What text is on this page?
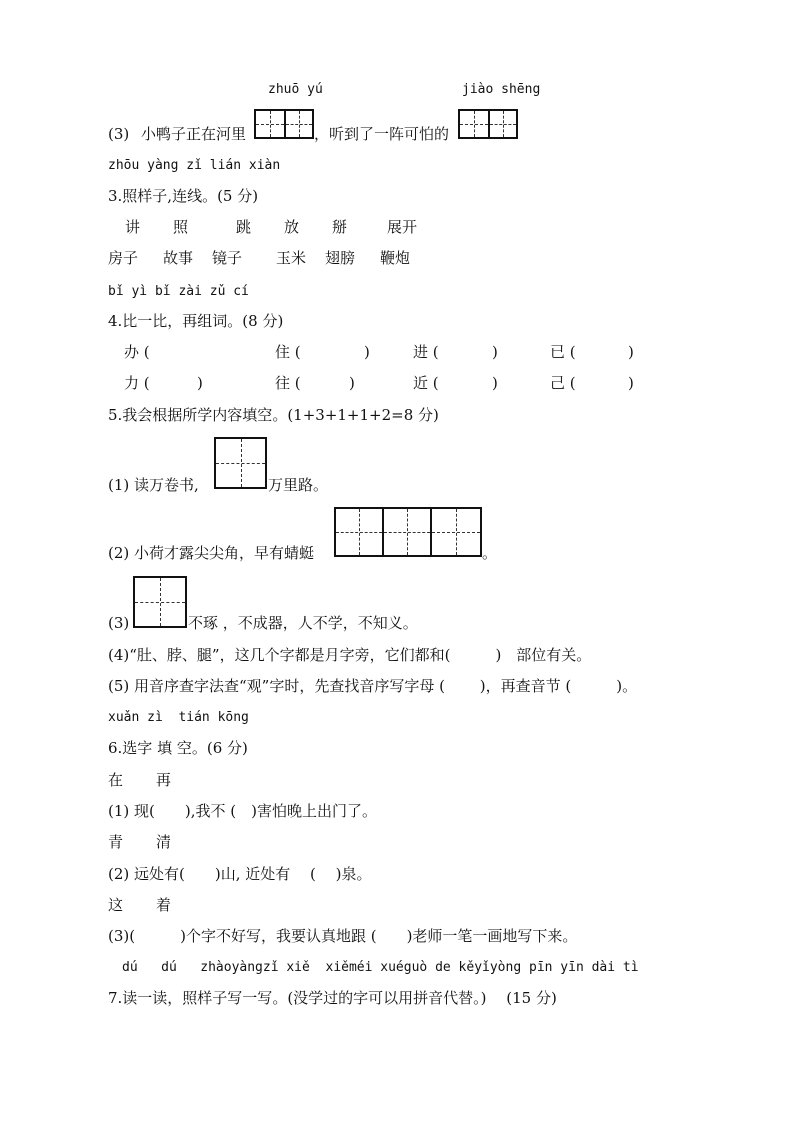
zhuō yú	jiào shēng
(3) 小鸭子正在河里	，听到了一阵可怕的
zhōu yàng zǐ lián xiàn
3.照样子,连线。(5 分)
讲 照	跳 放 掰	展开
房子 故事 镜子 玉米 翅膀 鞭炮
bǐ yì bǐ zài zǔ cí
4.比一比，再组词。(8 分)
办 (	住 (	)	进 (	)	已 (	)
力 (	)	往 (	)	近 (	)	己 (	)
5.我会根据所学内容填空。(1+3+1+1+2=8 分)
(1) 读万卷书,	万里路。
(2) 小荷才露尖尖角，早有蜻蜓	。
(3)	不琢 ，不成器，人不学，不知义。
(4)“肚、脖、腿”，这几个字都是月字旁，它们都和(　　　)　部位有关。
(5) 用音序查字法查“观”字时，先查找音序写字母 (　　 )，再查音节 (　　　)。
xuǎn zì  tián kōng
6.选字 填 空。(6 分)
在 再
(1) 现(　　),我不 (　)害怕晚上出门了。
青 清
(2) 远处有(　　)山, 近处有 　(　 )泉。
这 着
(3)(　　　)个字不好写，我要认真地跟 (　　)老师一笔一画地写下来。
dú   dú   zhàoyàngzǐ xiě  xiěméi xuéguò de kěyǐyòng pīn yīn dài tì
7.读一读，照样子写一写。(没学过的字可以用拼音代替。)　 (15 分)
